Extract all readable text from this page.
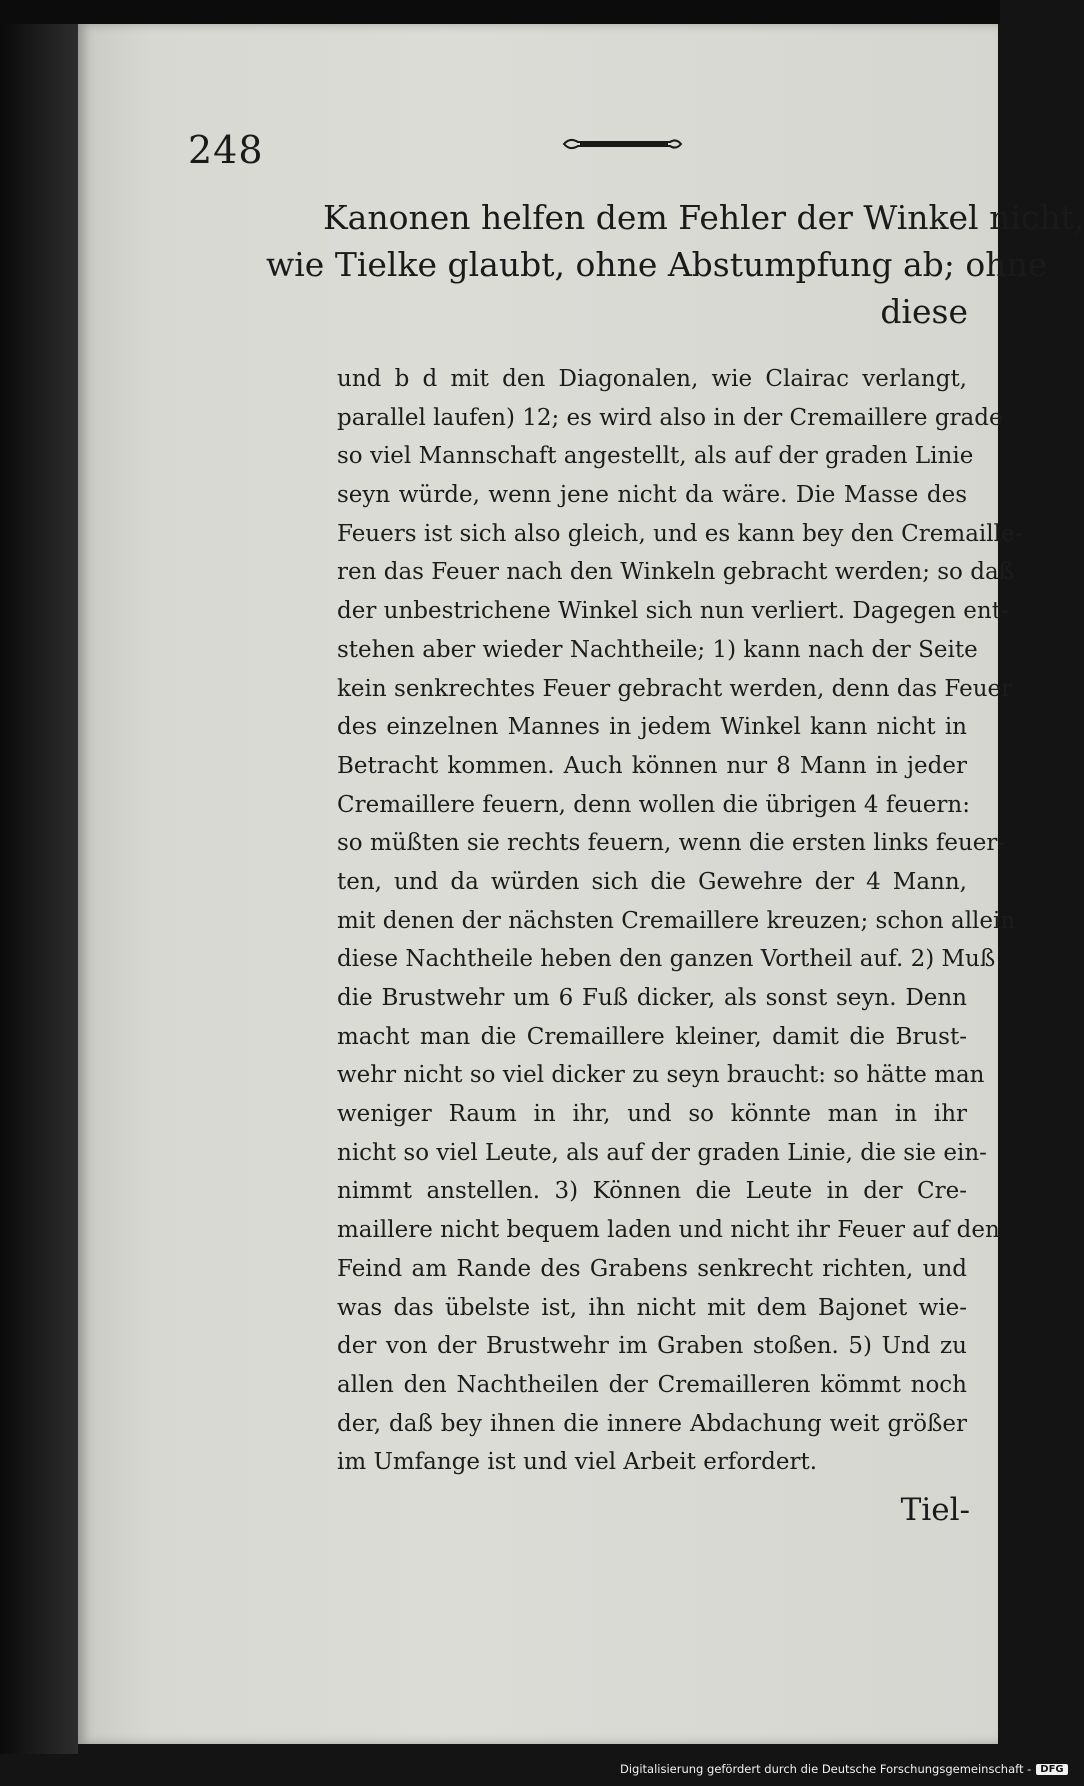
248
Kanonen helfen dem Fehler der Winkel nicht,
wie Tielke glaubt, ohne Abstumpfung ab; ohne
diese
und b d mit den Diagonalen, wie Clairac verlangt,
parallel laufen) 12; es wird also in der Cremaillere grade
so viel Mannschaft angestellt, als auf der graden Linie
seyn würde, wenn jene nicht da wäre. Die Masse des
Feuers ist sich also gleich, und es kann bey den Cremaille-
ren das Feuer nach den Winkeln gebracht werden; so daß
der unbestrichene Winkel sich nun verliert. Dagegen ent-
stehen aber wieder Nachtheile; 1) kann nach der Seite
kein senkrechtes Feuer gebracht werden, denn das Feuer
des einzelnen Mannes in jedem Winkel kann nicht in
Betracht kommen. Auch können nur 8 Mann in jeder
Cremaillere feuern, denn wollen die übrigen 4 feuern:
so müßten sie rechts feuern, wenn die ersten links feuer-
ten, und da würden sich die Gewehre der 4 Mann,
mit denen der nächsten Cremaillere kreuzen; schon allein
diese Nachtheile heben den ganzen Vortheil auf. 2) Muß
die Brustwehr um 6 Fuß dicker, als sonst seyn. Denn
macht man die Cremaillere kleiner, damit die Brust-
wehr nicht so viel dicker zu seyn braucht: so hätte man
weniger Raum in ihr, und so könnte man in ihr
nicht so viel Leute, als auf der graden Linie, die sie ein-
nimmt anstellen. 3) Können die Leute in der Cre-
maillere nicht bequem laden und nicht ihr Feuer auf den
Feind am Rande des Grabens senkrecht richten, und
was das übelste ist, ihn nicht mit dem Bajonet wie-
der von der Brustwehr im Graben stoßen. 5) Und zu
allen den Nachtheilen der Cremailleren kömmt noch
der, daß bey ihnen die innere Abdachung weit größer
im Umfange ist und viel Arbeit erfordert.
Tiel-
Digitalisierung gefördert durch die Deutsche Forschungsgemeinschaft - DFG
